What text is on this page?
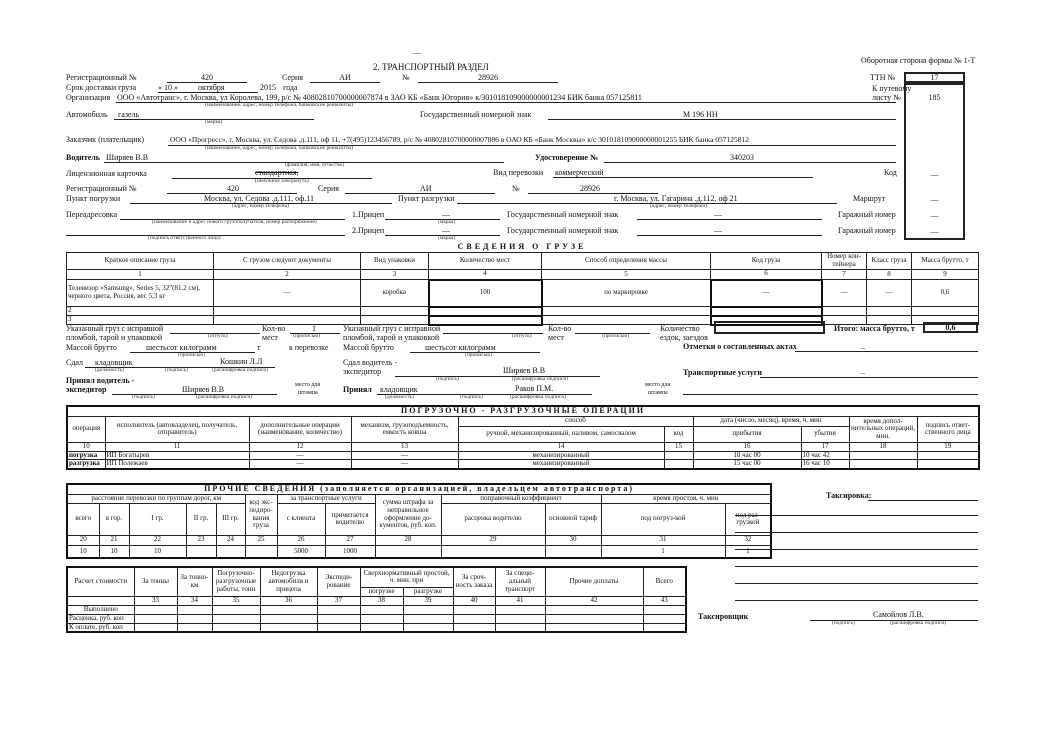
—
2. ТРАНСПОРТНЫЙ РАЗДЕЛ
Оборотная сторона формы № 1-Т
ТТН №	17
К путевому
листу №	185
Регистрационный №	420	Серия	АИ	№	28926
Срок доставки груза	« 10 »	октября	2015 года
Организация ООО «Автотранс», г. Москва, ул Королева, 199, р/с № 40802810700000007874 в ЗАО КБ «Банк Югория» к/301018109000000001234 БИК банка 057125811
(наименование, адрес, номер телефона, банковские реквизиты)
Автомобиль газель
(марка)
Государственный номерной знак	М 196 НН
Заказчик (плательщик)	ООО «Прогресс», г. Москва, ул. Седова .д.111, оф 11, +7(495)123456789, р/с № 40802810700000007886 в ОАО КБ «Банк Москвы» к/с 301018109000000001255 БИК банка 057125812
(наименование, адрес, номер телефона, банковские реквизиты)
Водитель Ширяев В.В
(фамилия, имя, отчество)
Удостоверение №	340203
Лицензионная карточка	стандартная,
(ненужное зачеркнуть)
Вид перевозки коммерческий	Код	—
Регистрационный №	420	Серия	АИ	№	28926
Пункт погрузки	Москва, ул. Седова .д.111, оф.11
(адрес, номер телефона)
Пункт разгрузки	г. Москва, ул. Гагарина .д.112, оф 21
(адрес, номер телефона)
Маршрут	—
Переадресовка
(наименование и адрес нового грузополучателя, номер распоряжения)
(подпись ответственного лица)
1.Прицеп	—
(марка)
Государственный номерной знак	—	Гаражный номер	—
2.Прицеп	—
(марка)
Государственный номерной знак	—	Гаражный номер	—
СВЕДЕНИЯ О ГРУЗЕ
Краткое описание груза	С грузом следуют документы	Вид упаковки	Количество мест	Способ определения массы	Код груза	Номер кон-тейнера	Класс груза	Масса брутто, т
1	2	3	4	5	6	7	8	9
Телевизор «Samsung», Series 5, 32"(81.2 см), черного цвета, Россия, вес 5,3 кг	—	коробка	100	по маркировке	—	—	—	0,6
2								
3								
Итого: масса брутто, т	0,6
Указанный груз с исправной
пломбой, тарой и упаковкой	(отпуск)
Кол-во
мест
1
(прописью)
Массой брутто	шестьсот килограмм
(прописью)
т	к перевозке
Сдал кладовщик
(должность)	(подпись)
Кошкин Л.Л
(расшифровка подписи)
Принял водитель -
экспедитор	Ширяев В.В
(подпись)	(расшифровка подписи)
место для
штампа
Указанный груз с исправной
пломбой, тарой и упаковкой	(отпуск)
Кол-во
мест	(прописью)
Массой брутто	шестьсот килограмм
(прописью)
Сдал водитель -
экспедитор	Ширяев В.В
(подпись)	(расшифровка подписи)
Принял кладовщик
(должность)	(подпись)
Раков П.М.
(расшифровка подписи)
место для
штампа
Количество
ездок, заездов
Отметки о составленных актах	–
Транспортные услуги	–
ПОГРУЗОЧНО - РАЗГРУЗОЧНЫЕ ОПЕРАЦИИ									
операция	исполнитель (автовладелец, получатель, отправитель)	дополнительные операции (наименование, количество)	механизм, грузоподъемность, емкость ковша	способ		дата (число, месяц), время, ч. мин		время допол-нительных операций, мин.	подпись ответ-ственного лица
				ручной, механизированный, наливом, самосвалом	код	прибытия	убытия		
10	11	12	13	14	15	16	17	18	19
погрузка	ИП Богатырев	—	—	механизированный		10 час 00	10 час 42		
разгрузка	ИП Полежаев	—	—	механизированный		15 час 00	16 час 10		
ПРОЧИЕ СВЕДЕНИЯ (заполняется организацией, владельцем автотранспорта)												
расстояние перевозки по группам дорог, км					код экс-педиро-вания груза	за транспортные услуги		сумма штрафа за неправильное оформление до-кументов, руб. коп.	поправочный коэффициент		время простоя, ч. мин	
всего	в гор.	I гр.	II гр.	III гр.		с клиента	причитается водителю		расценка водителю	основной тариф	под погруз-кой	под раз-грузкой
20	21	22	23	24	25	26	27	28	29	30	31	32
10	10	10				5000	1000				1	1
Таксировка:
Расчет стоимости	За тонны	За тонно-км	Погрузочно-разгрузочные работы, тонн	Недогрузка автомобиля и прицепа	Экспеди-рование	Сверхнормативный простой, ч. мин. при		За сроч-ность заказа	За специ-альный транспорт	Прочие доплаты	Всего
						погрузке	разгрузке				
	33	34	35	36	37	38	39	40	41	42	43
Выполнено											
Расценка, руб. коп											
К оплате, руб. коп											
Таксировщик	Самойлов Л.В.
(подпись)	(расшифровка подписи)
